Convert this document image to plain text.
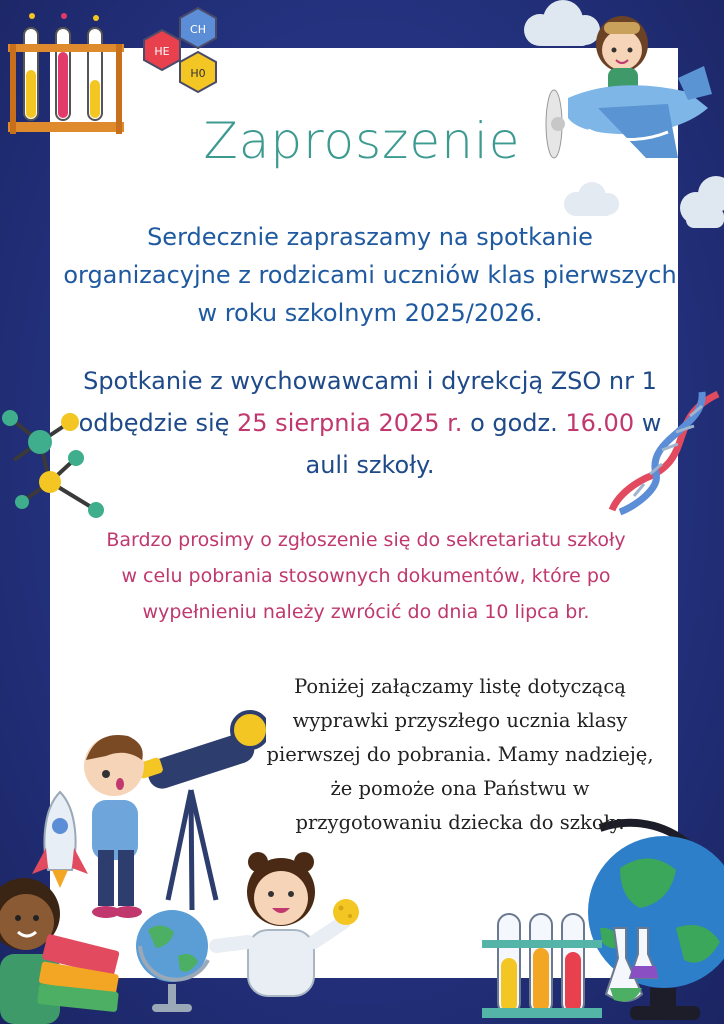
CH
HE
H0
Zaproszenie
Serdecznie zapraszamy na spotkanie organizacyjne z rodzicami uczniów klas pierwszych w roku szkolnym 2025/2026.
Spotkanie z wychowawcami i dyrekcją ZSO nr 1 odbędzie się 25 sierpnia 2025 r. o godz. 16.00 w auli szkoły.
Bardzo prosimy o zgłoszenie się do sekretariatu szkoły w celu pobrania stosownych dokumentów, które po wypełnieniu należy zwrócić do dnia 10 lipca br.
Poniżej załączamy listę dotyczącą wyprawki przyszłego ucznia klasy pierwszej do pobrania. Mamy nadzieję, że pomoże ona Państwu w przygotowaniu dziecka do szkoły.
